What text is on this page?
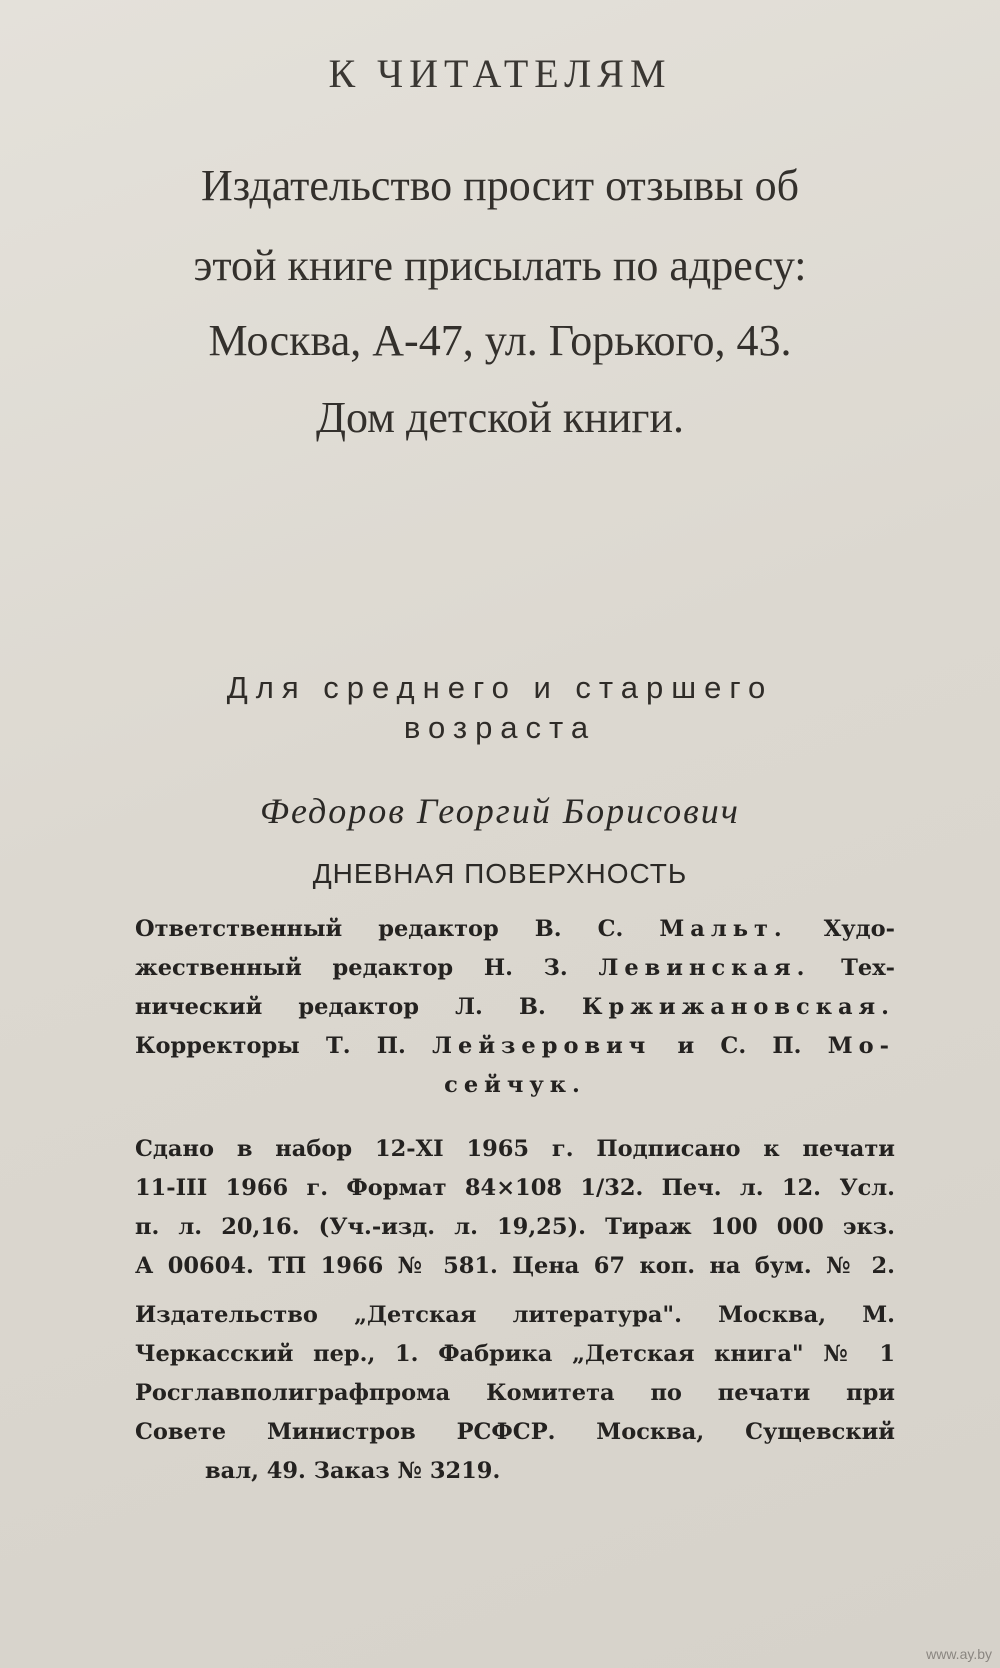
К ЧИТАТЕЛЯМ
Издательство просит отзывы об
этой книге присылать по адресу:
Москва, А-47, ул. Горького, 43.
Дом детской книги.
Для среднего и старшего
возраста
Федоров Георгий Борисович
ДНЕВНАЯ ПОВЕРХНОСТЬ
Ответственный редактор В. С. Мальт. Худо-
жественный редактор Н. З. Левинская. Тех-
нический редактор Л. В. Кржижановская.
Корректоры Т. П. Лейзерович и С. П. Мо-
сейчук.
Сдано в набор 12-XI 1965 г. Подписано к печати
11-III 1966 г. Формат 84×108 1/32. Печ. л. 12. Усл.
п. л. 20,16. (Уч.-изд. л. 19,25). Тираж 100 000 экз.
А 00604. ТП 1966 № 581. Цена 67 коп. на бум. № 2.
Издательство „Детская литература". Москва, М.
Черкасский пер., 1. Фабрика „Детская книга" № 1
Росглавполиграфпрома Комитета по печати при
Совете Министров РСФСР. Москва, Сущевский
вал, 49. Заказ № 3219.
www.ay.by
